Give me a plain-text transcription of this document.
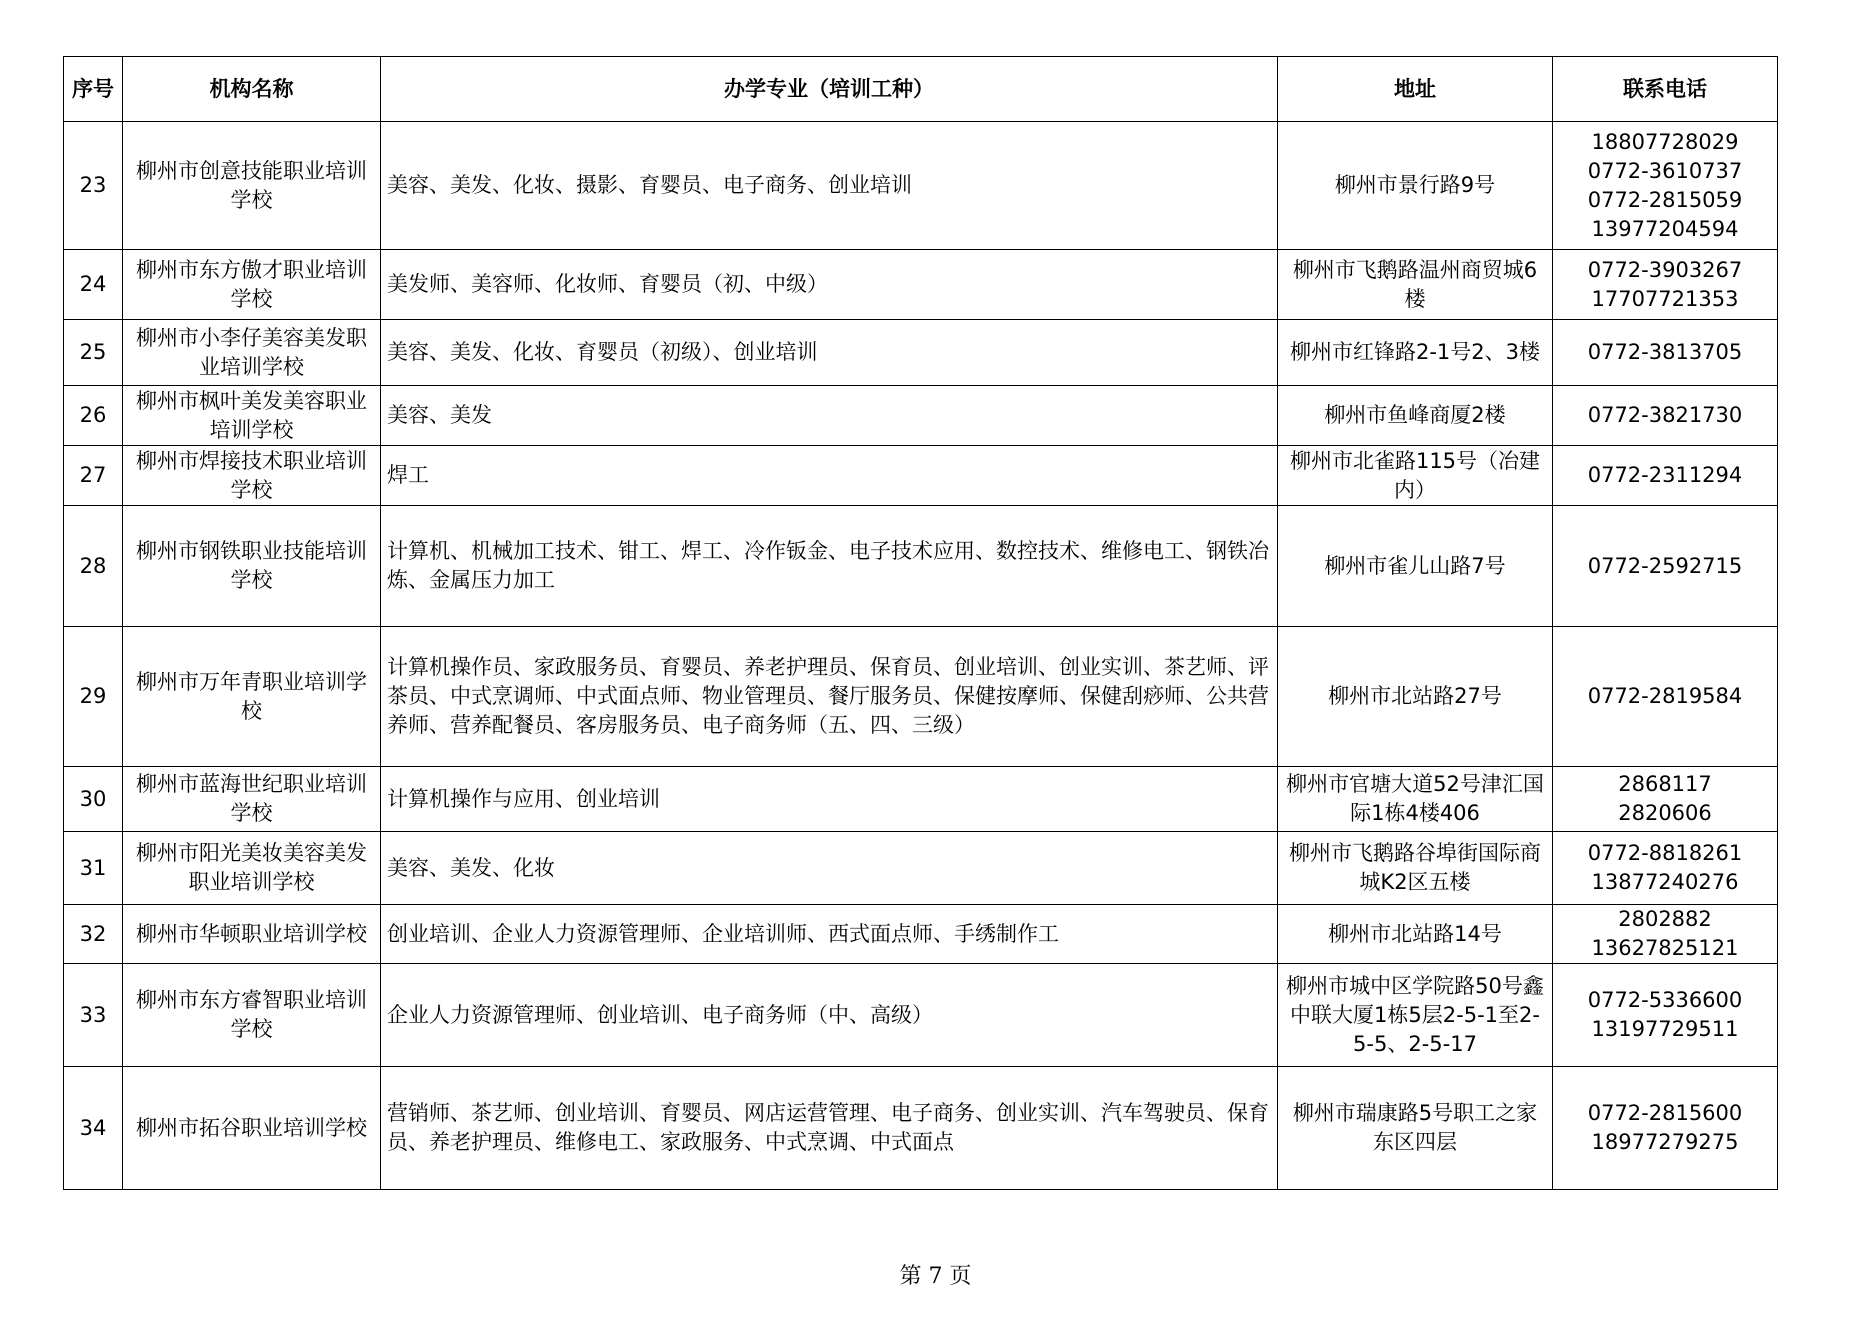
序号	机构名称	办学专业（培训工种）	地址	联系电话
23	柳州市创意技能职业培训学校	美容、美发、化妆、摄影、育婴员、电子商务、创业培训	柳州市景行路9号	18807728029
0772-3610737
0772-2815059
13977204594

24	柳州市东方傲才职业培训学校	美发师、美容师、化妆师、育婴员（初、中级）	柳州市飞鹅路温州商贸城6楼	0772-3903267
17707721353

25	柳州市小李仔美容美发职业培训学校	美容、美发、化妆、育婴员（初级）、创业培训	柳州市红锋路2-1号2、3楼	0772-3813705

26	柳州市枫叶美发美容职业培训学校	美容、美发	柳州市鱼峰商厦2楼	0772-3821730

27	柳州市焊接技术职业培训学校	焊工	柳州市北雀路115号（冶建内）	0772-2311294

28	柳州市钢铁职业技能培训学校	计算机、机械加工技术、钳工、焊工、冷作钣金、电子技术应用、数控技术、维修电工、钢铁冶炼、金属压力加工	柳州市雀儿山路7号	0772-2592715

29	柳州市万年青职业培训学校	计算机操作员、家政服务员、育婴员、养老护理员、保育员、创业培训、创业实训、茶艺师、评茶员、中式烹调师、中式面点师、物业管理员、餐厅服务员、保健按摩师、保健刮痧师、公共营养师、营养配餐员、客房服务员、电子商务师（五、四、三级）	柳州市北站路27号	0772-2819584

30	柳州市蓝海世纪职业培训学校	计算机操作与应用、创业培训	柳州市官塘大道52号津汇国际1栋4楼406	2868117
2820606

31	柳州市阳光美妆美容美发职业培训学校	美容、美发、化妆	柳州市飞鹅路谷埠街国际商城K2区五楼	0772-8818261
13877240276

32	柳州市华顿职业培训学校	创业培训、企业人力资源管理师、企业培训师、西式面点师、手绣制作工	柳州市北站路14号	2802882
13627825121

33	柳州市东方睿智职业培训学校	企业人力资源管理师、创业培训、电子商务师（中、高级）	柳州市城中区学院路50号鑫中联大厦1栋5层2-5-1至2-5-5、2-5-17	0772-5336600
13197729511

34	柳州市拓谷职业培训学校	营销师、茶艺师、创业培训、育婴员、网店运营管理、电子商务、创业实训、汽车驾驶员、保育员、养老护理员、维修电工、家政服务、中式烹调、中式面点	柳州市瑞康路5号职工之家东区四层	0772-2815600
18977279275
第 7 页
